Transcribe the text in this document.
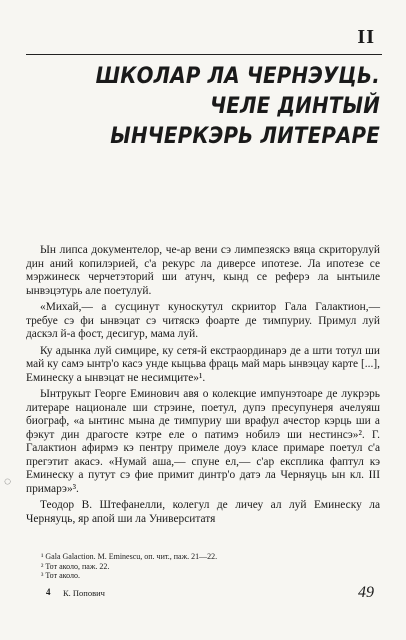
II
ШКОЛАР ЛА ЧЕРНЭУЦЬ.
ЧЕЛЕ ДИНТЫЙ
ЫНЧЕРКЭРЬ ЛИТЕРАРЕ

Ын липса документелор, че-ар вени сэ лимпезяскэ вяца скриторулуй дин аний копилэрией, с'а рекурс ла диверсе ипотезе. Ла ипотезе се мэржинеск черчетэторий ши атунч, кынд се реферэ ла ынтыиле ынвэцэтурь але поетулуй.

«Михай,— а сусцинут куноскутул скриитор Гала Галактион,— требуе сэ фи ынвэцат сэ читяскэ фоарте де тимпуриу. Примул луй даскэл й-а фост, десигур, мама луй.

Ку адынка луй симцире, ку сетя-й екстраординарэ де а шти тотул ши май ку самэ ынтр'о касэ унде кыцьва фраць май марь ынвэцау карте [...], Еминеску а ынвэцат не несимците»¹.

Ынтрукыт Георге Еминович авя о колекцие импунэтоаре де лукрэрь литераре национале ши стрэине, поетул, дупэ пресупунеря ачелуяш биограф, «а ынтинс мына де тимпуриу ши врафул ачестор кэрць ши а фэкут дин драгосте кэтре еле о патимэ нобилэ ши нестинсэ»². Г. Галактион афирмэ кэ пентру примеле доуэ класе примаре поетул с'а прегэтит акасэ. «Нумай аша,— спуне ел,— с'ар експлика фаптул кэ Еминеску а путут сэ фие примит динтр'о датэ ла Черняуць ын кл. III примарэ»³.

Теодор В. Штефанелли, колегул де личеу ал луй Еминеску ла Черняуць, яр апой ши ла Университатя

◌
¹ Gala Galaction. M. Eminescu, оп. чит., паж. 21—22.
² Тот аколо, паж. 22.
³ Тот аколо.
4 К. Попович	49
